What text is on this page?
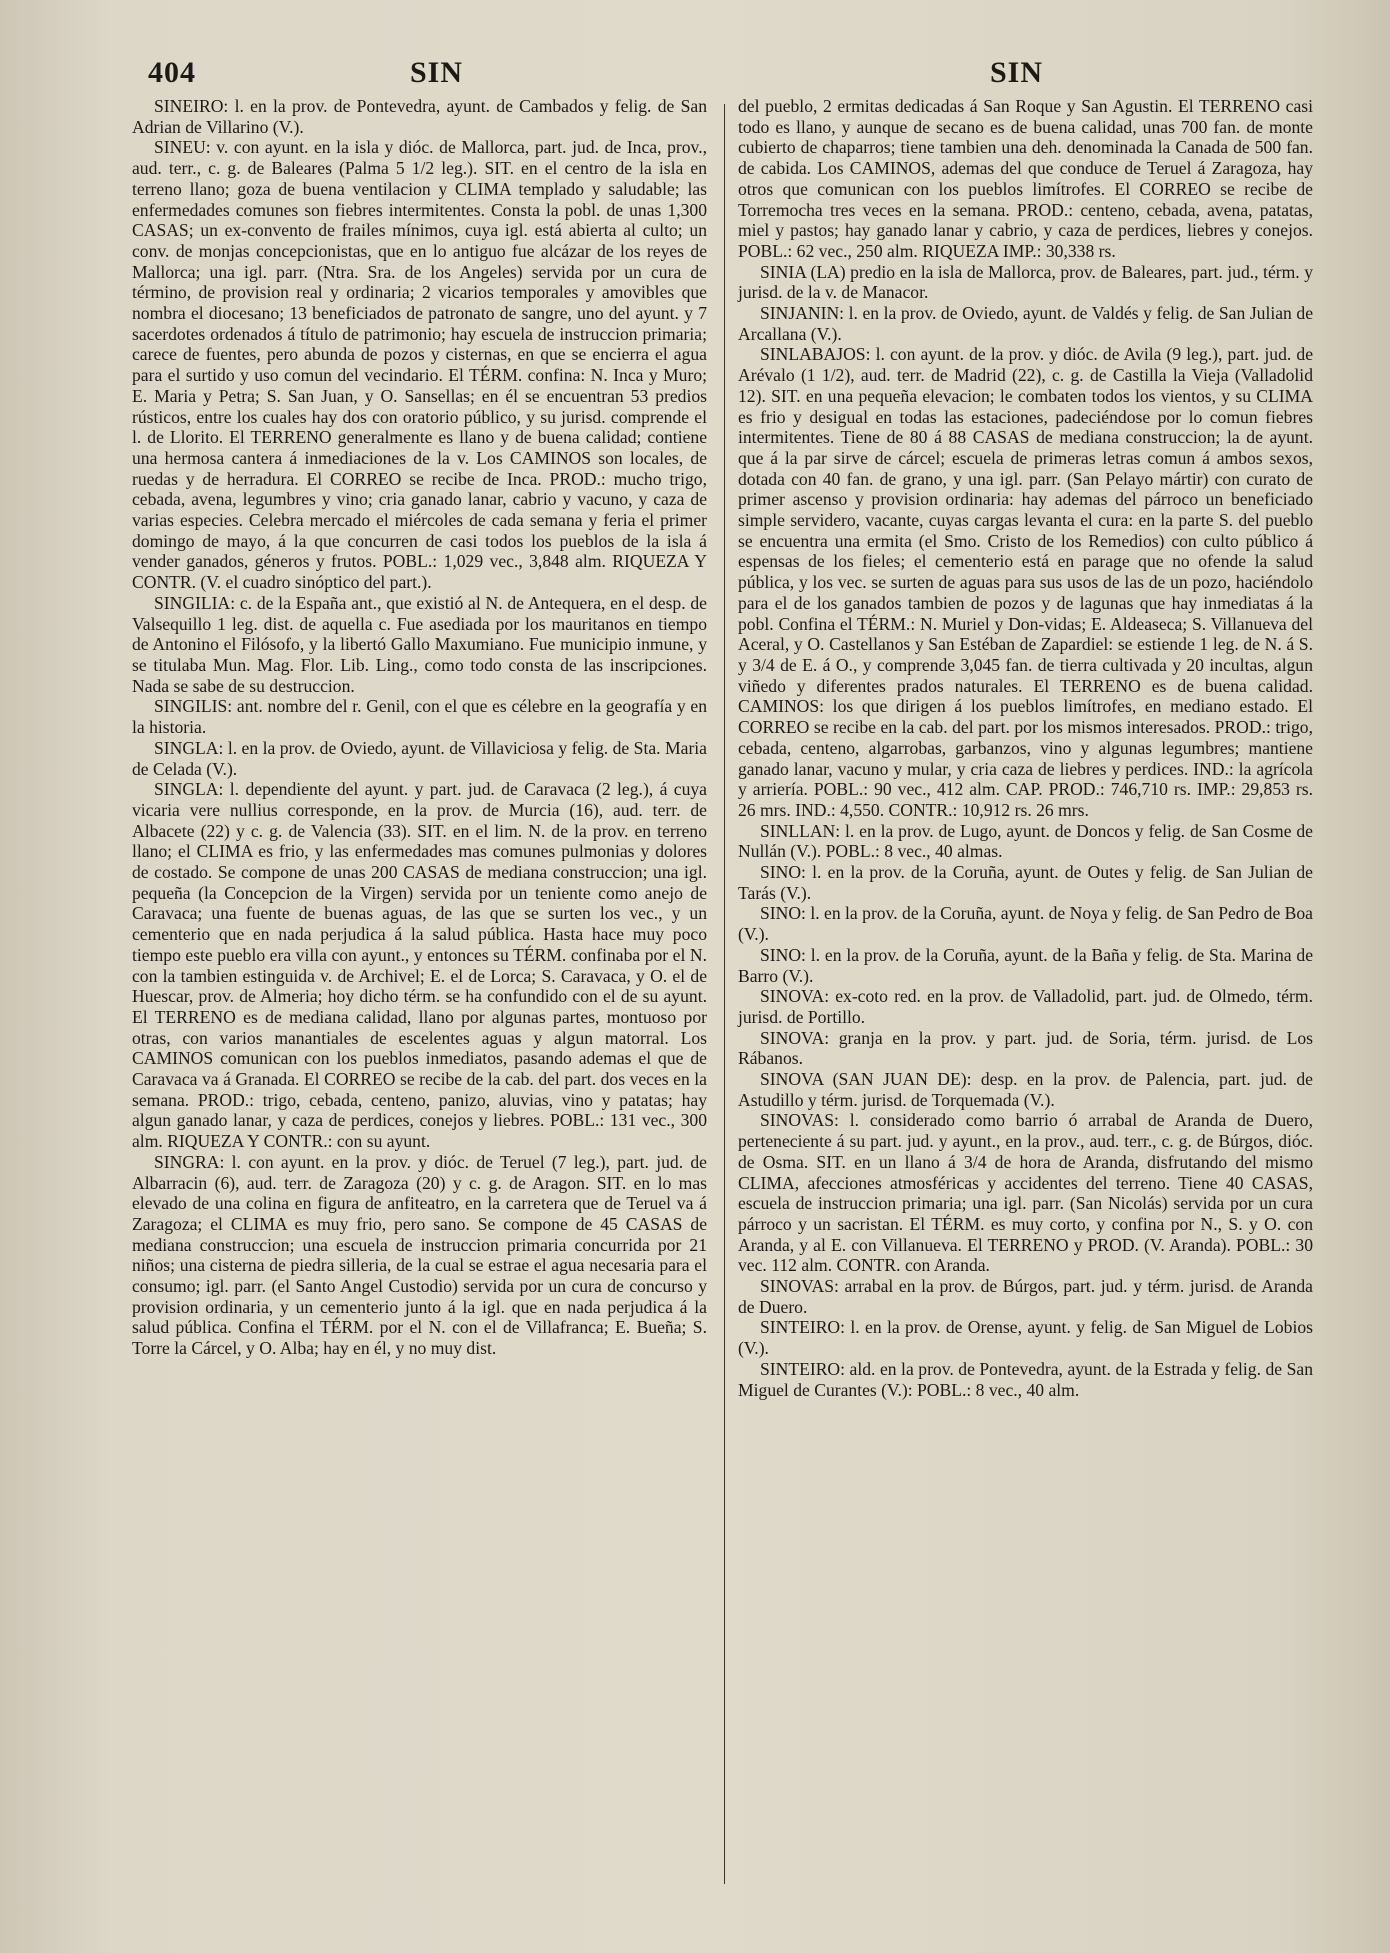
404	SIN	SIN

SINEIRO: l. en la prov. de Pontevedra, ayunt. de Cambados y felig. de San Adrian de Villarino (V.).

SINEU: v. con ayunt. en la isla y dióc. de Mallorca, part. jud. de Inca, prov., aud. terr., c. g. de Baleares (Palma 5 1/2 leg.). SIT. en el centro de la isla en terreno llano; goza de buena ventilacion y CLIMA templado y saludable; las enfermedades comunes son fiebres intermitentes. Consta la pobl. de unas 1,300 CASAS; un ex-convento de frailes mínimos, cuya igl. está abierta al culto; un conv. de monjas concepcionistas, que en lo antiguo fue alcázar de los reyes de Mallorca; una igl. parr. (Ntra. Sra. de los Angeles) servida por un cura de término, de provision real y ordinaria; 2 vicarios temporales y amovibles que nombra el diocesano; 13 beneficiados de patronato de sangre, uno del ayunt. y 7 sacerdotes ordenados á título de patrimonio; hay escuela de instruccion primaria; carece de fuentes, pero abunda de pozos y cisternas, en que se encierra el agua para el surtido y uso comun del vecindario. El TÉRM. confina: N. Inca y Muro; E. Maria y Petra; S. San Juan, y O. Sansellas; en él se encuentran 53 predios rústicos, entre los cuales hay dos con oratorio público, y su jurisd. comprende el l. de Llorito. El TERRENO generalmente es llano y de buena calidad; contiene una hermosa cantera á inmediaciones de la v. Los CAMINOS son locales, de ruedas y de herradura. El CORREO se recibe de Inca. PROD.: mucho trigo, cebada, avena, legumbres y vino; cria ganado lanar, cabrio y vacuno, y caza de varias especies. Celebra mercado el miércoles de cada semana y feria el primer domingo de mayo, á la que concurren de casi todos los pueblos de la isla á vender ganados, géneros y frutos. POBL.: 1,029 vec., 3,848 alm. RIQUEZA Y CONTR. (V. el cuadro sinóptico del part.).

SINGILIA: c. de la España ant., que existió al N. de Antequera, en el desp. de Valsequillo 1 leg. dist. de aquella c. Fue asediada por los mauritanos en tiempo de Antonino el Filósofo, y la libertó Gallo Maxumiano. Fue municipio inmune, y se titulaba Mun. Mag. Flor. Lib. Ling., como todo consta de las inscripciones. Nada se sabe de su destruccion.

SINGILIS: ant. nombre del r. Genil, con el que es célebre en la geografía y en la historia.

SINGLA: l. en la prov. de Oviedo, ayunt. de Villaviciosa y felig. de Sta. Maria de Celada (V.).

SINGLA: l. dependiente del ayunt. y part. jud. de Caravaca (2 leg.), á cuya vicaria vere nullius corresponde, en la prov. de Murcia (16), aud. terr. de Albacete (22) y c. g. de Valencia (33). SIT. en el lim. N. de la prov. en terreno llano; el CLIMA es frio, y las enfermedades mas comunes pulmonias y dolores de costado. Se compone de unas 200 CASAS de mediana construccion; una igl. pequeña (la Concepcion de la Virgen) servida por un teniente como anejo de Caravaca; una fuente de buenas aguas, de las que se surten los vec., y un cementerio que en nada perjudica á la salud pública. Hasta hace muy poco tiempo este pueblo era villa con ayunt., y entonces su TÉRM. confinaba por el N. con la tambien estinguida v. de Archivel; E. el de Lorca; S. Caravaca, y O. el de Huescar, prov. de Almeria; hoy dicho térm. se ha confundido con el de su ayunt. El TERRENO es de mediana calidad, llano por algunas partes, montuoso por otras, con varios manantiales de escelentes aguas y algun matorral. Los CAMINOS comunican con los pueblos inmediatos, pasando ademas el que de Caravaca va á Granada. El CORREO se recibe de la cab. del part. dos veces en la semana. PROD.: trigo, cebada, centeno, panizo, aluvias, vino y patatas; hay algun ganado lanar, y caza de perdices, conejos y liebres. POBL.: 131 vec., 300 alm. RIQUEZA Y CONTR.: con su ayunt.

SINGRA: l. con ayunt. en la prov. y dióc. de Teruel (7 leg.), part. jud. de Albarracin (6), aud. terr. de Zaragoza (20) y c. g. de Aragon. SIT. en lo mas elevado de una colina en figura de anfiteatro, en la carretera que de Teruel va á Zaragoza; el CLIMA es muy frio, pero sano. Se compone de 45 CASAS de mediana construccion; una escuela de instruccion primaria concurrida por 21 niños; una cisterna de piedra silleria, de la cual se estrae el agua necesaria para el consumo; igl. parr. (el Santo Angel Custodio) servida por un cura de concurso y provision ordinaria, y un cementerio junto á la igl. que en nada perjudica á la salud pública. Confina el TÉRM. por el N. con el de Villafranca; E. Bueña; S. Torre la Cárcel, y O. Alba; hay en él, y no muy dist.

del pueblo, 2 ermitas dedicadas á San Roque y San Agustin. El TERRENO casi todo es llano, y aunque de secano es de buena calidad, unas 700 fan. de monte cubierto de chaparros; tiene tambien una deh. denominada la Canada de 500 fan. de cabida. Los CAMINOS, ademas del que conduce de Teruel á Zaragoza, hay otros que comunican con los pueblos limítrofes. El CORREO se recibe de Torremocha tres veces en la semana. PROD.: centeno, cebada, avena, patatas, miel y pastos; hay ganado lanar y cabrio, y caza de perdices, liebres y conejos. POBL.: 62 vec., 250 alm. RIQUEZA IMP.: 30,338 rs.

SINIA (LA) predio en la isla de Mallorca, prov. de Baleares, part. jud., térm. y jurisd. de la v. de Manacor.

SINJANIN: l. en la prov. de Oviedo, ayunt. de Valdés y felig. de San Julian de Arcallana (V.).

SINLABAJOS: l. con ayunt. de la prov. y dióc. de Avila (9 leg.), part. jud. de Arévalo (1 1/2), aud. terr. de Madrid (22), c. g. de Castilla la Vieja (Valladolid 12). SIT. en una pequeña elevacion; le combaten todos los vientos, y su CLIMA es frio y desigual en todas las estaciones, padeciéndose por lo comun fiebres intermitentes. Tiene de 80 á 88 CASAS de mediana construccion; la de ayunt. que á la par sirve de cárcel; escuela de primeras letras comun á ambos sexos, dotada con 40 fan. de grano, y una igl. parr. (San Pelayo mártir) con curato de primer ascenso y provision ordinaria: hay ademas del párroco un beneficiado simple servidero, vacante, cuyas cargas levanta el cura: en la parte S. del pueblo se encuentra una ermita (el Smo. Cristo de los Remedios) con culto público á espensas de los fieles; el cementerio está en parage que no ofende la salud pública, y los vec. se surten de aguas para sus usos de las de un pozo, haciéndolo para el de los ganados tambien de pozos y de lagunas que hay inmediatas á la pobl. Confina el TÉRM.: N. Muriel y Don-vidas; E. Aldeaseca; S. Villanueva del Aceral, y O. Castellanos y San Estéban de Zapardiel: se estiende 1 leg. de N. á S. y 3/4 de E. á O., y comprende 3,045 fan. de tierra cultivada y 20 incultas, algun viñedo y diferentes prados naturales. El TERRENO es de buena calidad. CAMINOS: los que dirigen á los pueblos limítrofes, en mediano estado. El CORREO se recibe en la cab. del part. por los mismos interesados. PROD.: trigo, cebada, centeno, algarrobas, garbanzos, vino y algunas legumbres; mantiene ganado lanar, vacuno y mular, y cria caza de liebres y perdices. IND.: la agrícola y arriería. POBL.: 90 vec., 412 alm. CAP. PROD.: 746,710 rs. IMP.: 29,853 rs. 26 mrs. IND.: 4,550. CONTR.: 10,912 rs. 26 mrs.

SINLLAN: l. en la prov. de Lugo, ayunt. de Doncos y felig. de San Cosme de Nullán (V.). POBL.: 8 vec., 40 almas.

SINO: l. en la prov. de la Coruña, ayunt. de Outes y felig. de San Julian de Tarás (V.).

SINO: l. en la prov. de la Coruña, ayunt. de Noya y felig. de San Pedro de Boa (V.).

SINO: l. en la prov. de la Coruña, ayunt. de la Baña y felig. de Sta. Marina de Barro (V.).

SINOVA: ex-coto red. en la prov. de Valladolid, part. jud. de Olmedo, térm. jurisd. de Portillo.

SINOVA: granja en la prov. y part. jud. de Soria, térm. jurisd. de Los Rábanos.

SINOVA (SAN JUAN DE): desp. en la prov. de Palencia, part. jud. de Astudillo y térm. jurisd. de Torquemada (V.).

SINOVAS: l. considerado como barrio ó arrabal de Aranda de Duero, perteneciente á su part. jud. y ayunt., en la prov., aud. terr., c. g. de Búrgos, dióc. de Osma. SIT. en un llano á 3/4 de hora de Aranda, disfrutando del mismo CLIMA, afecciones atmosféricas y accidentes del terreno. Tiene 40 CASAS, escuela de instruccion primaria; una igl. parr. (San Nicolás) servida por un cura párroco y un sacristan. El TÉRM. es muy corto, y confina por N., S. y O. con Aranda, y al E. con Villanueva. El TERRENO y PROD. (V. Aranda). POBL.: 30 vec. 112 alm. CONTR. con Aranda.

SINOVAS: arrabal en la prov. de Búrgos, part. jud. y térm. jurisd. de Aranda de Duero.

SINTEIRO: l. en la prov. de Orense, ayunt. y felig. de San Miguel de Lobios (V.).

SINTEIRO: ald. en la prov. de Pontevedra, ayunt. de la Estrada y felig. de San Miguel de Curantes (V.): POBL.: 8 vec., 40 alm.
